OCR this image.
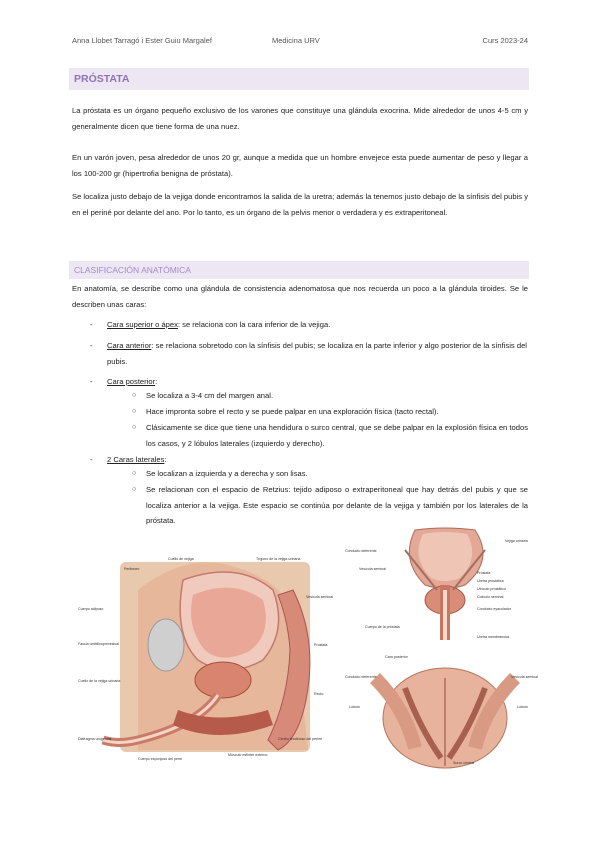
Anna Llobet Tarragó i Ester Guiu Margalef	Medicina URV	Curs 2023-24
PRÓSTATA
La próstata es un órgano pequeño exclusivo de los varones que constituye una glándula exocrina. Mide alrededor de unos 4-5 cm y generalmente dicen que tiene forma de una nuez.
En un varón joven, pesa alrededor de unos 20 gr, aunque a medida que un hombre envejece esta puede aumentar de peso y llegar a los 100-200 gr (hipertrofia benigna de próstata).
Se localiza justo debajo de la vejiga donde encontramos la salida de la uretra; además la tenemos justo debajo de la sínfisis del pubis y en el periné por delante del ano. Por lo tanto, es un órgano de la pelvis menor o verdadera y es extraperitoneal.
CLASIFICACIÓN ANATÓMICA
En anatomía, se describe como una glándula de consistencia adenomatosa que nos recuerda un poco a la glándula tiroides. Se le describen unas caras:
- Cara superior o ápex: se relaciona con la cara inferior de la vejiga.
- Cara anterior: se relaciona sobretodo con la sínfisis del pubis; se localiza en la parte inferior y algo posterior de la sínfisis del pubis.
- Cara posterior:
○ Se localiza a 3-4 cm del margen anal.
○ Hace impronta sobre el recto y se puede palpar en una exploración física (tacto rectal).
○ Clásicamente se dice que tiene una hendidura o surco central, que se debe palpar en la explosión física en todos los casos, y 2 lóbulos laterales (izquierdo y derecho).
- 2 Caras laterales:
○ Se localizan a izquierda y a derecha y son lisas.
○ Se relacionan con el espacio de Retzius: tejido adiposo o extraperitoneal que hay detrás del pubis y que se localiza anterior a la vejiga. Este espacio se continúa por delante de la vejiga y también por los laterales de la próstata.
Peritoneo
Cuello de vejiga	Trígono de la vejiga urinaria
Vesícula seminal
Cuerpo adiposo
Fascia umbilicoprevesical
Cuello de la vejiga urinaria
Próstata
Recto
Diafragma urogenital	Centro tendinoso del periné
Cuerpo esponjoso del pene
Músculo esfínter externo
Conducto deferente
Vejiga urinaria
Vesícula seminal
Próstata
Uretra prostática
Utrículo prostático
Colículo seminal
Conducto eyaculador
Cuerpo de la próstata
Uretra membranosa
Cara posterior
Conducto deferente	Vesícula seminal
Lóbulo	Lóbulo
Surco central
